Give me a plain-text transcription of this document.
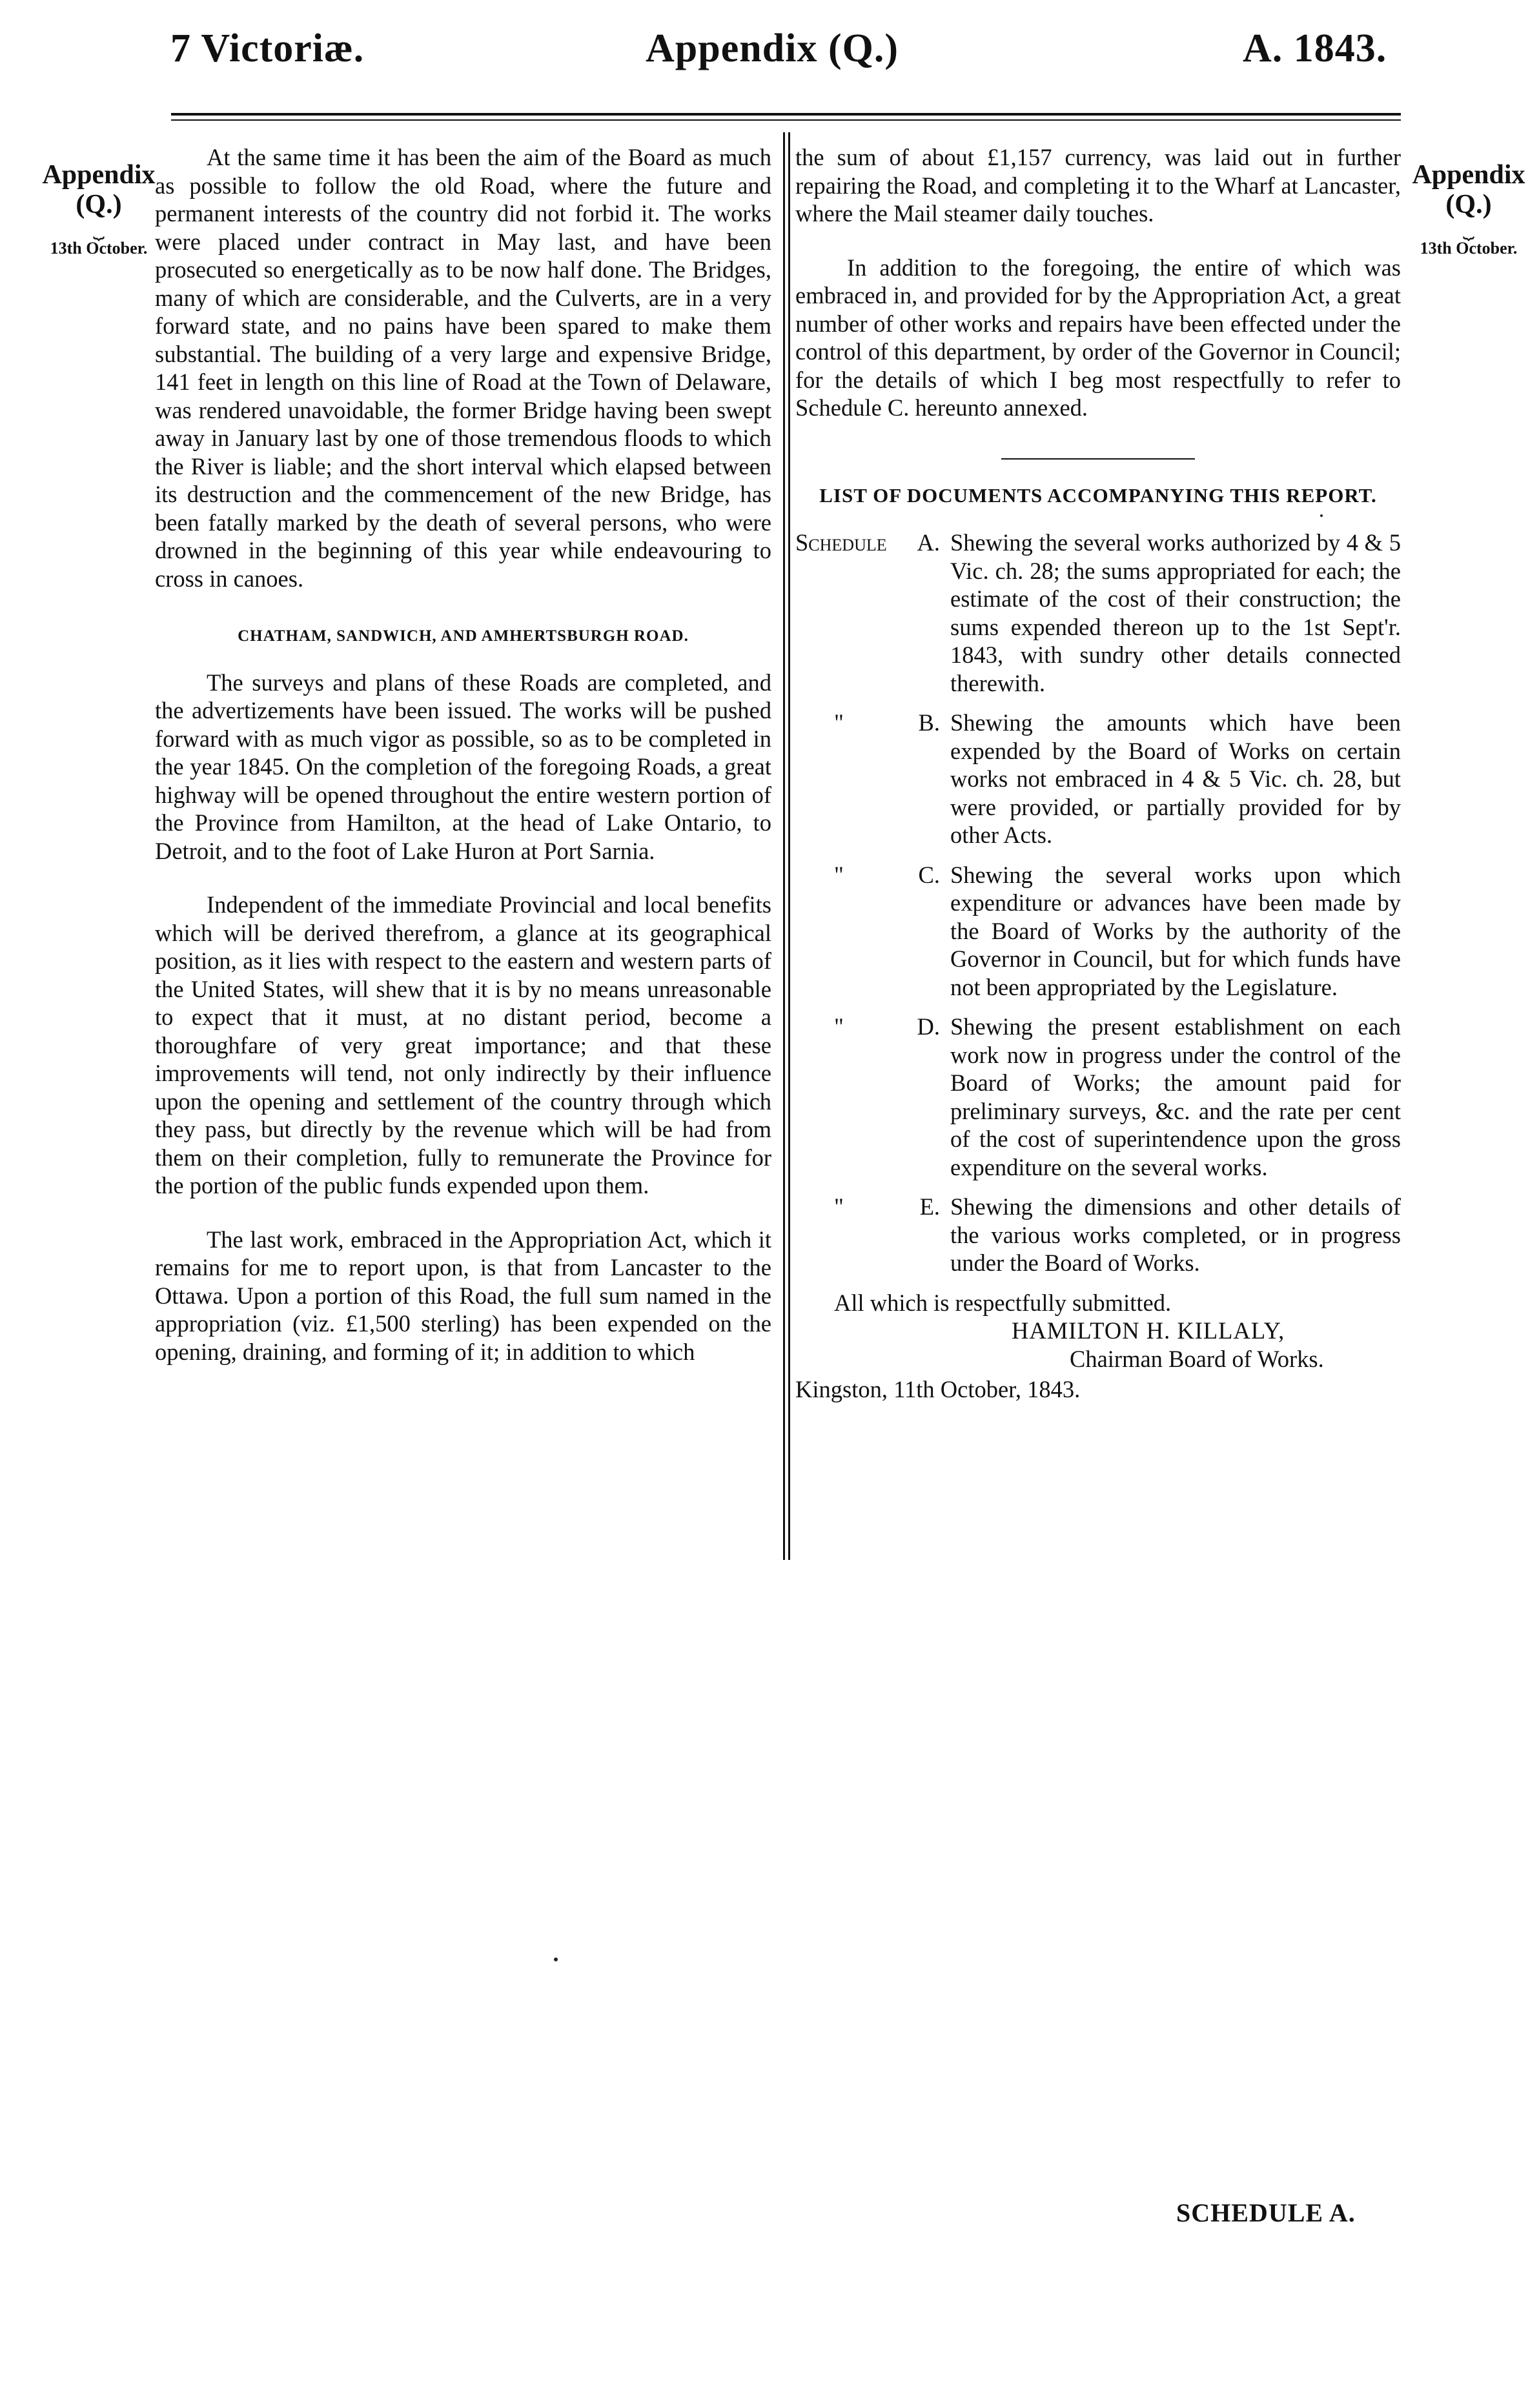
7 Victoriæ.	Appendix (Q.)	A. 1843.
Appendix
(Q.)
⏟
13th October.
Appendix
(Q.)
⏟
13th October.

At the same time it has been the aim of the Board as much as possible to follow the old Road, where the future and permanent interests of the country did not forbid it. The works were placed under contract in May last, and have been prosecuted so energetically as to be now half done. The Bridges, many of which are considerable, and the Culverts, are in a very forward state, and no pains have been spared to make them substantial. The building of a very large and expensive Bridge, 141 feet in length on this line of Road at the Town of Delaware, was rendered unavoidable, the former Bridge having been swept away in January last by one of those tremendous floods to which the River is liable; and the short interval which elapsed between its destruction and the commencement of the new Bridge, has been fatally marked by the death of several persons, who were drowned in the beginning of this year while endeavouring to cross in canoes.

CHATHAM, SANDWICH, AND AMHERTSBURGH ROAD.

The surveys and plans of these Roads are completed, and the advertizements have been issued. The works will be pushed forward with as much vigor as possible, so as to be completed in the year 1845. On the completion of the foregoing Roads, a great highway will be opened throughout the entire western portion of the Province from Hamilton, at the head of Lake Ontario, to Detroit, and to the foot of Lake Huron at Port Sarnia.

Independent of the immediate Provincial and local benefits which will be derived therefrom, a glance at its geographical position, as it lies with respect to the eastern and western parts of the United States, will shew that it is by no means unreasonable to expect that it must, at no distant period, become a thoroughfare of very great importance; and that these improvements will tend, not only indirectly by their influence upon the opening and settlement of the country through which they pass, but directly by the revenue which will be had from them on their completion, fully to remunerate the Province for the portion of the public funds expended upon them.

The last work, embraced in the Appropriation Act, which it remains for me to report upon, is that from Lancaster to the Ottawa. Upon a portion of this Road, the full sum named in the appropriation (viz. £1,500 sterling) has been expended on the opening, draining, and forming of it; in addition to which

the sum of about £1,157 currency, was laid out in further repairing the Road, and completing it to the Wharf at Lancaster, where the Mail steamer daily touches.

In addition to the foregoing, the entire of which was embraced in, and provided for by the Appropriation Act, a great number of other works and repairs have been effected under the control of this department, by order of the Governor in Council; for the details of which I beg most respectfully to refer to Schedule C. hereunto annexed.

LIST OF DOCUMENTS ACCOMPANYING THIS REPORT.

Schedule A. Shewing the several works authorized by 4 & 5 Vic. ch. 28; the sums appropriated for each; the estimate of the cost of their construction; the sums expended thereon up to the 1st Sept'r. 1843, with sundry other details connected therewith.
"	B. Shewing the amounts which have been expended by the Board of Works on certain works not embraced in 4 & 5 Vic. ch. 28, but were provided, or partially provided for by other Acts.
"	C. Shewing the several works upon which expenditure or advances have been made by the Board of Works by the authority of the Governor in Council, but for which funds have not been appropriated by the Legislature.
"	D. Shewing the present establishment on each work now in progress under the control of the Board of Works; the amount paid for preliminary surveys, &c. and the rate per cent of the cost of superintendence upon the gross expenditure on the several works.
"	E. Shewing the dimensions and other details of the various works completed, or in progress under the Board of Works.

All which is respectfully submitted.

HAMILTON H. KILLALY,

Chairman Board of Works.

Kingston, 11th October, 1843.

SCHEDULE A.
